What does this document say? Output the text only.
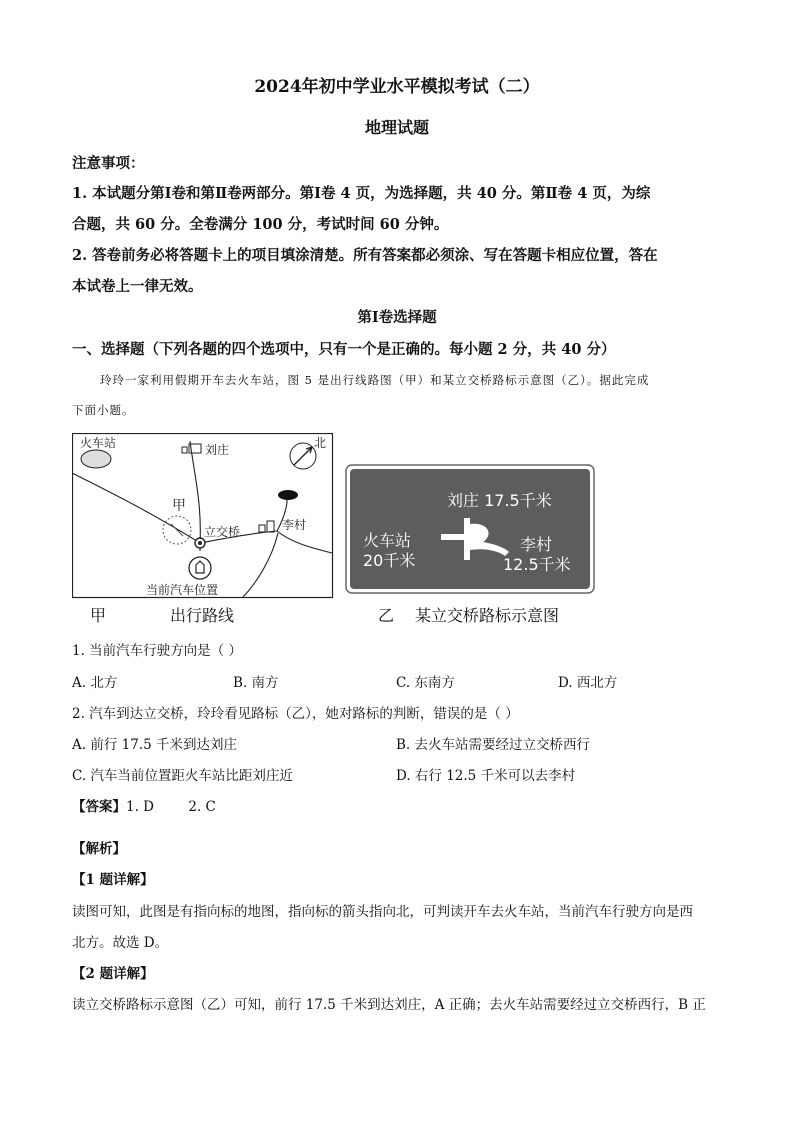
2024年初中学业水平模拟考试（二）
地理试题
注意事项：
1. 本试题分第Ⅰ卷和第Ⅱ卷两部分。第Ⅰ卷 4 页，为选择题，共 40 分。第Ⅱ卷 4 页，为综
合题，共 60 分。全卷满分 100 分，考试时间 60 分钟。
2. 答卷前务必将答题卡上的项目填涂清楚。所有答案都必须涂、写在答题卡相应位置，答在
本试卷上一律无效。
第Ⅰ卷选择题
一、选择题（下列各题的四个选项中，只有一个是正确的。每小题 2 分，共 40 分）
玲玲一家利用假期开车去火车站，图 5 是出行线路图（甲）和某立交桥路标示意图（乙）。据此完成
下面小题。
火车站	刘庄	北
甲
立交桥	李村
当前汽车位置
刘庄 17.5千米
火车站
20千米
李村
12.5千米
甲	出行路线	乙 某立交桥路标示意图
1. 当前汽车行驶方向是（ ）
A. 北方	B. 南方	C. 东南方	D. 西北方
2. 汽车到达立交桥，玲玲看见路标（乙），她对路标的判断，错误的是（ ）
A. 前行 17.5 千米到达刘庄	B. 去火车站需要经过立交桥西行
C. 汽车当前位置距火车站比距刘庄近	D. 右行 12.5 千米可以去李村
【答案】1. D        2. C
【解析】
【1 题详解】
读图可知，此图是有指向标的地图，指向标的箭头指向北，可判读开车去火车站，当前汽车行驶方向是西
北方。故选 D。
【2 题详解】
读立交桥路标示意图（乙）可知，前行 17.5 千米到达刘庄，A 正确；去火车站需要经过立交桥西行，B 正
